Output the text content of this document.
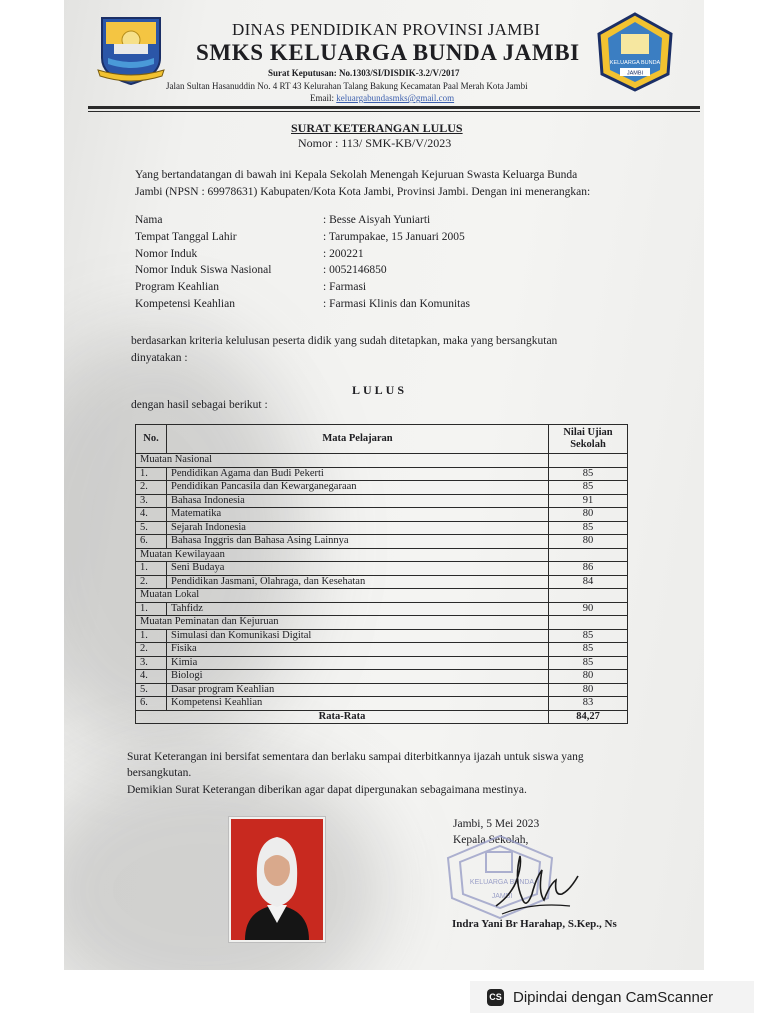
KELUARGA BUNDA
JAMBI
DINAS PENDIDIKAN PROVINSI JAMBI
SMKS KELUARGA BUNDA JAMBI
Surat Keputusan: No.1303/SI/DISDIK-3.2/V/2017
Jalan Sultan Hasanuddin No. 4 RT 43 Kelurahan Talang Bakung Kecamatan Paal Merah Kota Jambi
Email: keluargabundasmks@gmail.com
SURAT KETERANGAN LULUS
Nomor : 113/ SMK-KB/V/2023
Yang bertandatangan di bawah ini Kepala Sekolah Menengah Kejuruan Swasta Keluarga Bunda
Jambi (NPSN : 69978631) Kabupaten/Kota Kota Jambi, Provinsi Jambi. Dengan ini menerangkan:
Nama	: Besse Aisyah Yuniarti
Tempat Tanggal Lahir	: Tarumpakae, 15 Januari 2005
Nomor Induk	: 200221
Nomor Induk Siswa Nasional	: 0052146850
Program Keahlian	: Farmasi
Kompetensi Keahlian	: Farmasi Klinis dan Komunitas
berdasarkan kriteria kelulusan peserta didik yang sudah ditetapkan, maka yang bersangkutan
dinyatakan :
LULUS
dengan hasil sebagai berikut :
No.	Mata Pelajaran	Nilai Ujian
Sekolah
Muatan Nasional		
1.	Pendidikan Agama dan Budi Pekerti	85
2.	Pendidikan Pancasila dan Kewarganegaraan	85
3.	Bahasa Indonesia	91
4.	Matematika	80
5.	Sejarah Indonesia	85
6.	Bahasa Inggris dan Bahasa Asing Lainnya	80
Muatan Kewilayaan		
1.	Seni Budaya	86
2.	Pendidikan Jasmani, Olahraga, dan Kesehatan	84
Muatan Lokal		
1.	Tahfidz	90
Muatan Peminatan dan Kejuruan		
1.	Simulasi dan Komunikasi Digital	85
2.	Fisika	85
3.	Kimia	85
4.	Biologi	80
5.	Dasar program Keahlian	80
6.	Kompetensi Keahlian	83
Rata-Rata		84,27
Surat Keterangan ini bersifat sementara dan berlaku sampai diterbitkannya ijazah untuk siswa yang
bersangkutan.
Demikian Surat Keterangan diberikan agar dapat dipergunakan sebagaimana mestinya.
Jambi, 5 Mei 2023
Kepala Sekolah,
KELUARGA BUNDA
JAMBI
Indra Yani Br Harahap, S.Kep., Ns
CS Dipindai dengan CamScanner
